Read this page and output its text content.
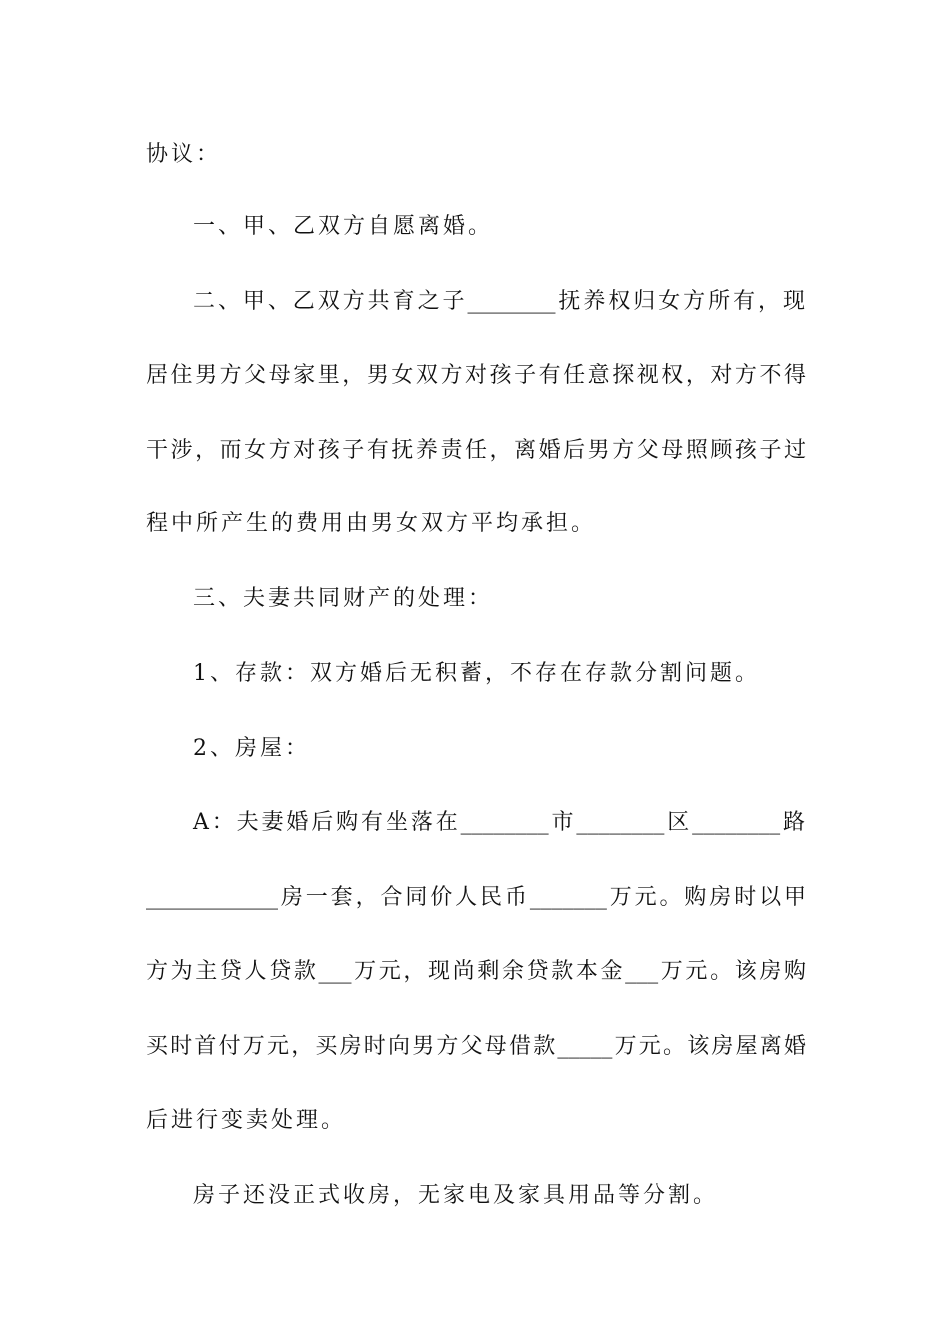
协议：
一、甲、乙双方自愿离婚。
二、甲、乙双方共育之子________抚养权归女方所有，现
居住男方父母家里，男女双方对孩子有任意探视权，对方不得
干涉，而女方对孩子有抚养责任，离婚后男方父母照顾孩子过
程中所产生的费用由男女双方平均承担。
三、夫妻共同财产的处理：
1、存款：双方婚后无积蓄，不存在存款分割问题。
2、房屋：
A：夫妻婚后购有坐落在________市________区________路
____________房一套，合同价人民币_______万元。购房时以甲
方为主贷人贷款___万元，现尚剩余贷款本金___万元。该房购
买时首付万元，买房时向男方父母借款_____万元。该房屋离婚
后进行变卖处理。
房子还没正式收房，无家电及家具用品等分割。
